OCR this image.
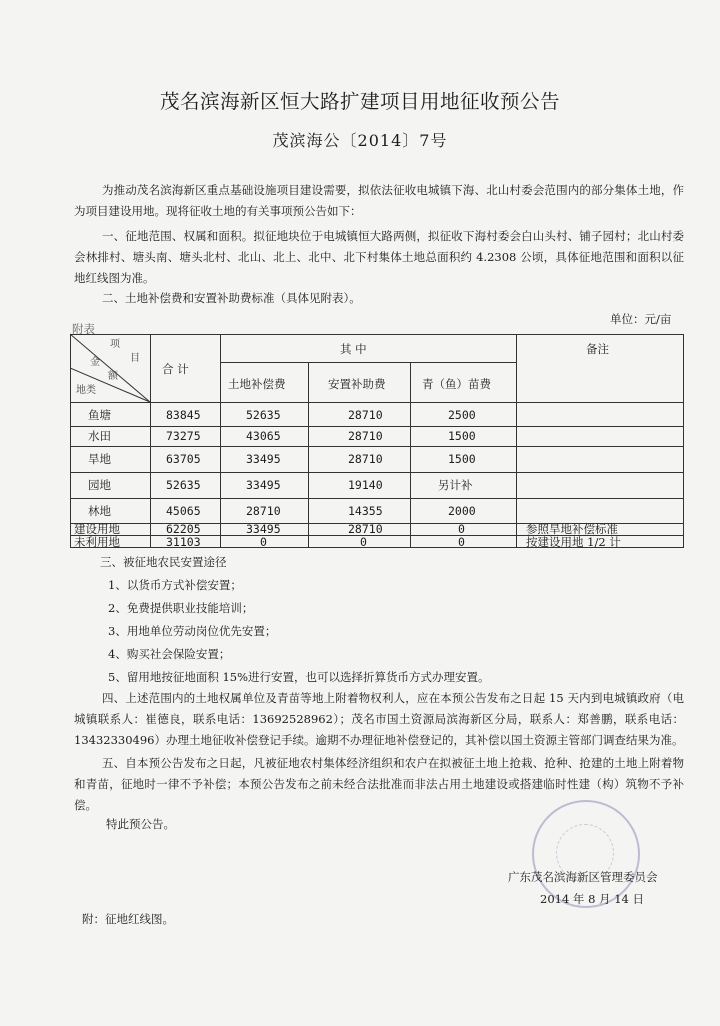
茂名滨海新区恒大路扩建项目用地征收预公告
茂滨海公〔2014〕7号
为推动茂名滨海新区重点基础设施项目建设需要，拟依法征收电城镇下海、北山村委会范围内的部分集体土地，作为项目建设用地。现将征收土地的有关事项预公告如下：
一、征地范围、权属和面积。拟征地块位于电城镇恒大路两侧，拟征收下海村委会白山头村、铺子园村；北山村委会林排村、塘头南、塘头北村、北山、北上、北中、北下村集体土地总面积约 4.2308 公顷，具体征地范围和面积以征地红线图为准。
二、土地补偿费和安置补助费标准（具体见附表）。
单位：元/亩
附表
项
目
金
额
地类
合 计
其 中
土地补偿费	安置补助费	青（鱼）苗费
备注
鱼塘	83845	52635	28710	2500
水田	73275	43065	28710	1500
旱地	63705	33495	28710	1500
园地	52635	33495	19140	另计补
林地	45065	28710	14355	2000
建设用地	62205	33495	28710	0	参照旱地补偿标准
未利用地	31103	0	0	0	按建设用地 1/2 计
三、被征地农民安置途径
1、以货币方式补偿安置；
2、免费提供职业技能培训；
3、用地单位劳动岗位优先安置；
4、购买社会保险安置；
5、留用地按征地面积 15%进行安置，也可以选择折算货币方式办理安置。
四、上述范围内的土地权属单位及青苗等地上附着物权利人，应在本预公告发布之日起 15 天内到电城镇政府（电城镇联系人：崔德良，联系电话：13692528962）；茂名市国土资源局滨海新区分局，联系人：郑善鹏，联系电话：13432330496）办理土地征收补偿登记手续。逾期不办理征地补偿登记的，其补偿以国土资源主管部门调查结果为准。
五、自本预公告发布之日起，凡被征地农村集体经济组织和农户在拟被征土地上抢栽、抢种、抢建的土地上附着物和青苗，征地时一律不予补偿；本预公告发布之前未经合法批准而非法占用土地建设或搭建临时性建（构）筑物不予补偿。
特此预公告。
广东茂名滨海新区管理委员会
2014 年 8 月 14 日
附：征地红线图。
